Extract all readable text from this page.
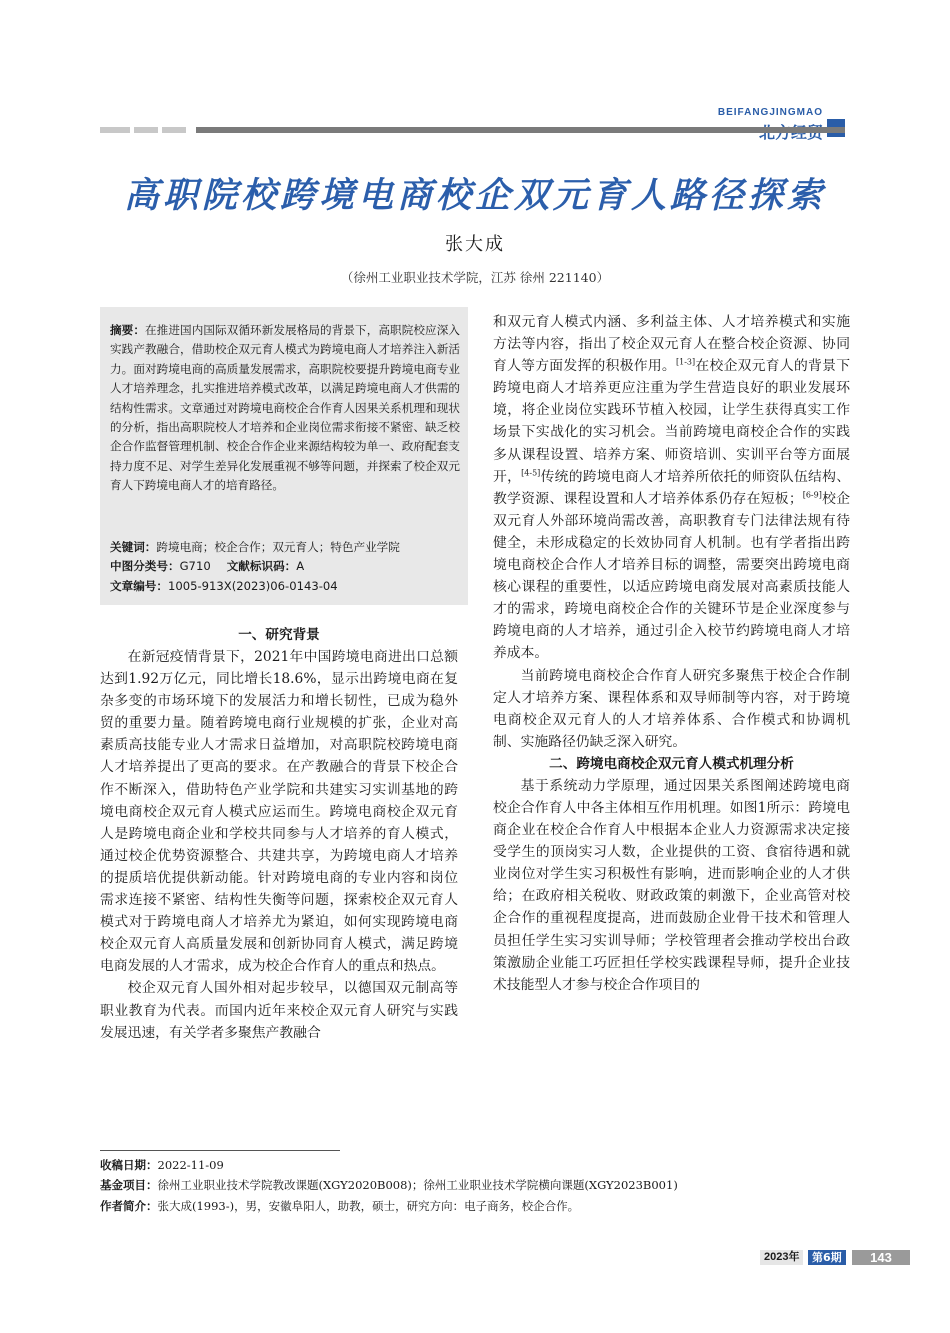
BEIFANGJINGMAO
高职院校跨境电商校企双元育人路径探索
张大成
（徐州工业职业技术学院，江苏 徐州 221140）
摘要：在推进国内国际双循环新发展格局的背景下，高职院校应深入实践产教融合，借助校企双元育人模式为跨境电商人才培养注入新活力。面对跨境电商的高质量发展需求，高职院校要提升跨境电商专业人才培养理念，扎实推进培养模式改革，以满足跨境电商人才供需的结构性需求。文章通过对跨境电商校企合作育人因果关系机理和现状的分析，指出高职院校人才培养和企业岗位需求衔接不紧密、缺乏校企合作监督管理机制、校企合作企业来源结构较为单一、政府配套支持力度不足、对学生差异化发展重视不够等问题，并探索了校企双元育人下跨境电商人才的培育路径。
关键词：跨境电商；校企合作；双元育人；特色产业学院
中图分类号：G710 文献标识码：A
文章编号：1005-913X(2023)06-0143-04
一、研究背景

在新冠疫情背景下，2021年中国跨境电商进出口总额达到1.92万亿元，同比增长18.6%，显示出跨境电商在复杂多变的市场环境下的发展活力和增长韧性，已成为稳外贸的重要力量。随着跨境电商行业规模的扩张，企业对高素质高技能专业人才需求日益增加，对高职院校跨境电商人才培养提出了更高的要求。在产教融合的背景下校企合作不断深入，借助特色产业学院和共建实习实训基地的跨境电商校企双元育人模式应运而生。跨境电商校企双元育人是跨境电商企业和学校共同参与人才培养的育人模式，通过校企优势资源整合、共建共享，为跨境电商人才培养的提质培优提供新动能。针对跨境电商的专业内容和岗位需求连接不紧密、结构性失衡等问题，探索校企双元育人模式对于跨境电商人才培养尤为紧迫，如何实现跨境电商校企双元育人高质量发展和创新协同育人模式，满足跨境电商发展的人才需求，成为校企合作育人的重点和热点。

校企双元育人国外相对起步较早，以德国双元制高等职业教育为代表。而国内近年来校企双元育人研究与实践发展迅速，有关学者多聚焦产教融合

和双元育人模式内涵、多利益主体、人才培养模式和实施方法等内容，指出了校企双元育人在整合校企资源、协同育人等方面发挥的积极作用。[1-3]在校企双元育人的背景下跨境电商人才培养更应注重为学生营造良好的职业发展环境，将企业岗位实践环节植入校园，让学生获得真实工作场景下实战化的实习机会。当前跨境电商校企合作的实践多从课程设置、培养方案、师资培训、实训平台等方面展开，[4-5]传统的跨境电商人才培养所依托的师资队伍结构、教学资源、课程设置和人才培养体系仍存在短板；[6-9]校企双元育人外部环境尚需改善，高职教育专门法律法规有待健全，未形成稳定的长效协同育人机制。也有学者指出跨境电商校企合作人才培养目标的调整，需要突出跨境电商核心课程的重要性，以适应跨境电商发展对高素质技能人才的需求，跨境电商校企合作的关键环节是企业深度参与跨境电商的人才培养，通过引企入校节约跨境电商人才培养成本。

当前跨境电商校企合作育人研究多聚焦于校企合作制定人才培养方案、课程体系和双导师制等内容，对于跨境电商校企双元育人的人才培养体系、合作模式和协调机制、实施路径仍缺乏深入研究。

二、跨境电商校企双元育人模式机理分析

基于系统动力学原理，通过因果关系图阐述跨境电商校企合作育人中各主体相互作用机理。如图1所示：跨境电商企业在校企合作育人中根据本企业人力资源需求决定接受学生的顶岗实习人数，企业提供的工资、食宿待遇和就业岗位对学生实习积极性有影响，进而影响企业的人才供给；在政府相关税收、财政政策的刺激下，企业高管对校企合作的重视程度提高，进而鼓励企业骨干技术和管理人员担任学生实习实训导师；学校管理者会推动学校出台政策激励企业能工巧匠担任学校实践课程导师，提升企业技术技能型人才参与校企合作项目的

收稿日期：2022-11-09
基金项目：徐州工业职业技术学院教改课题(XGY2020B008)；徐州工业职业技术学院横向课题(XGY2023B001)
作者简介：张大成(1993-)，男，安徽阜阳人，助教，硕士，研究方向：电子商务，校企合作。
2023年	第6期	143
